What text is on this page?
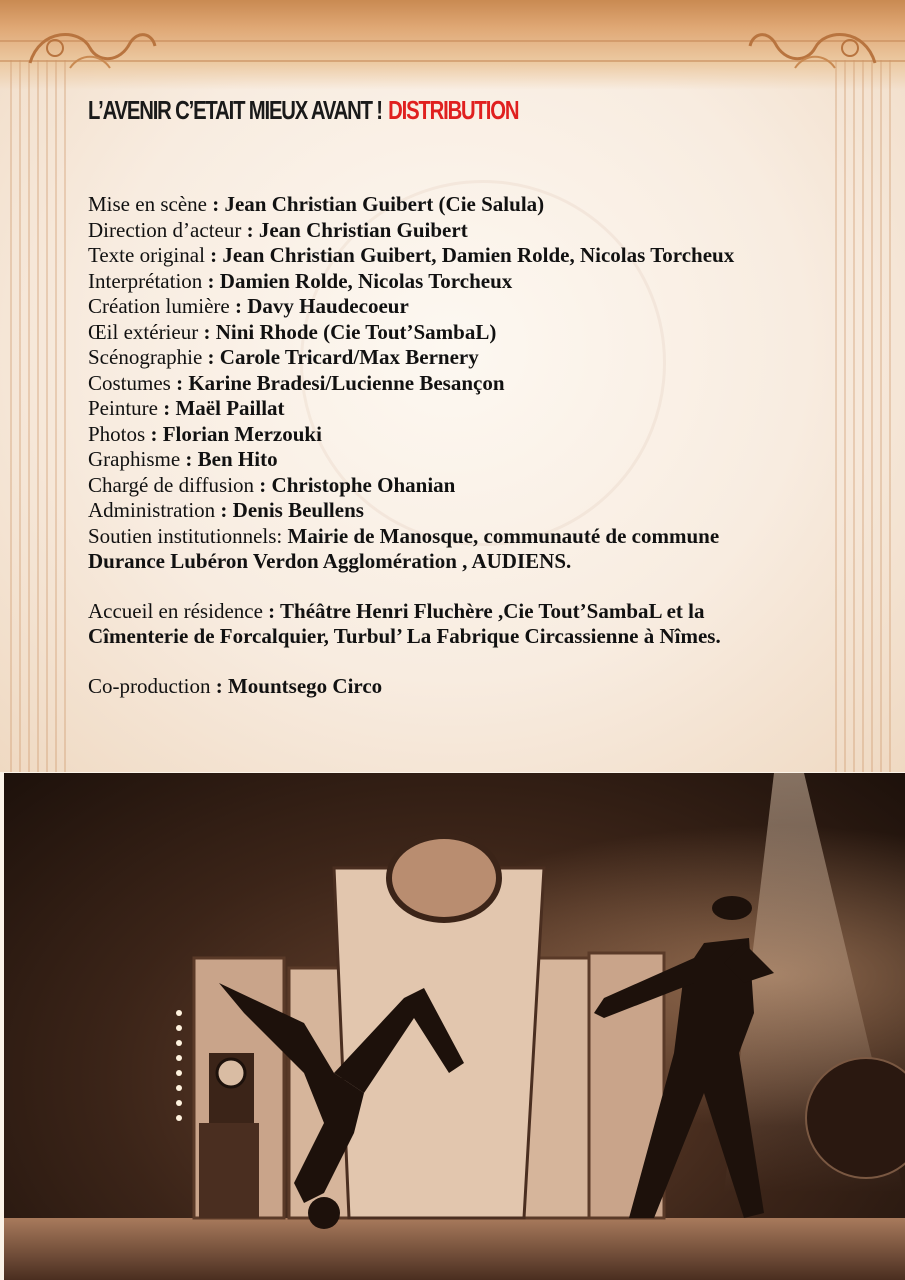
L’AVENIR C’ETAIT MIEUX AVANT ! DISTRIBUTION
Mise en scène : Jean Christian Guibert (Cie Salula)
Direction d’acteur : Jean Christian Guibert
Texte original : Jean Christian Guibert, Damien Rolde, Nicolas Torcheux
Interprétation : Damien Rolde, Nicolas Torcheux
Création lumière : Davy Haudecoeur
Œil extérieur : Nini Rhode (Cie Tout’SambaL)
Scénographie : Carole Tricard/Max Bernery
Costumes : Karine Bradesi/Lucienne Besançon
Peinture : Maël Paillat
Photos : Florian Merzouki
Graphisme : Ben Hito
Chargé de diffusion : Christophe Ohanian
Administration : Denis Beullens
Soutien institutionnels: Mairie de Manosque, communauté de commune
Durance Lubéron Verdon Agglomération , AUDIENS.
Accueil en résidence : Théâtre Henri Fluchère ,Cie Tout’SambaL et la
Cîmenterie de Forcalquier, Turbul’ La Fabrique Circassienne à Nîmes.
Co-production : Mountsego Circo
